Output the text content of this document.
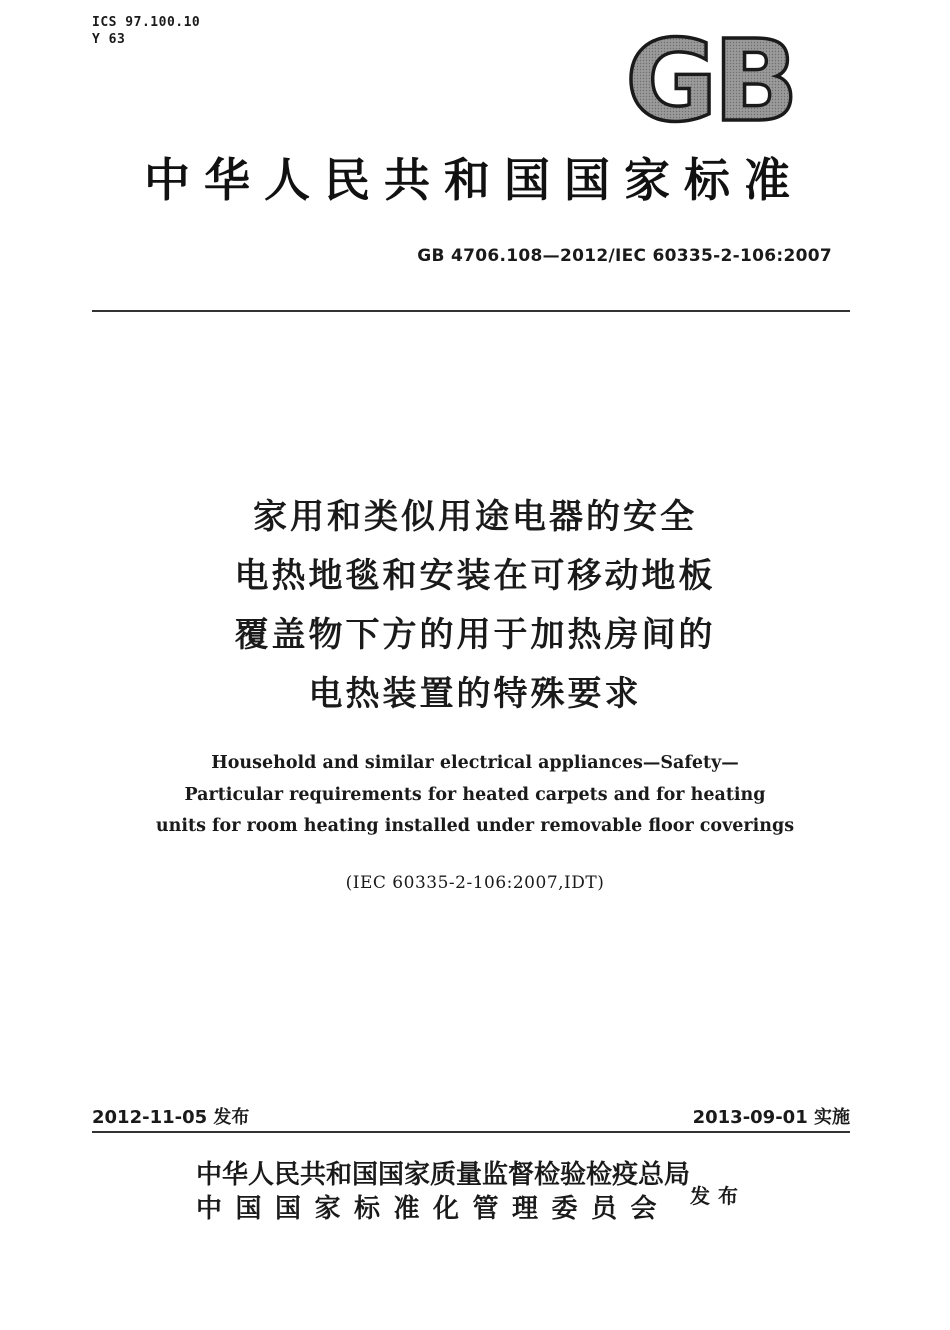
ICS 97.100.10
Y 63	GB
中华人民共和国国家标准
GB 4706.108—2012/IEC 60335-2-106:2007
家用和类似用途电器的安全
电热地毯和安装在可移动地板
覆盖物下方的用于加热房间的
电热装置的特殊要求
Household and similar electrical appliances—Safety—
Particular requirements for heated carpets and for heating
units for room heating installed under removable floor coverings
(IEC 60335-2-106:2007,IDT)
2012-11-05 发布	2013-09-01 实施
中华人民共和国国家质量监督检验检疫总局
中国国家标准化管理委员会 发布
